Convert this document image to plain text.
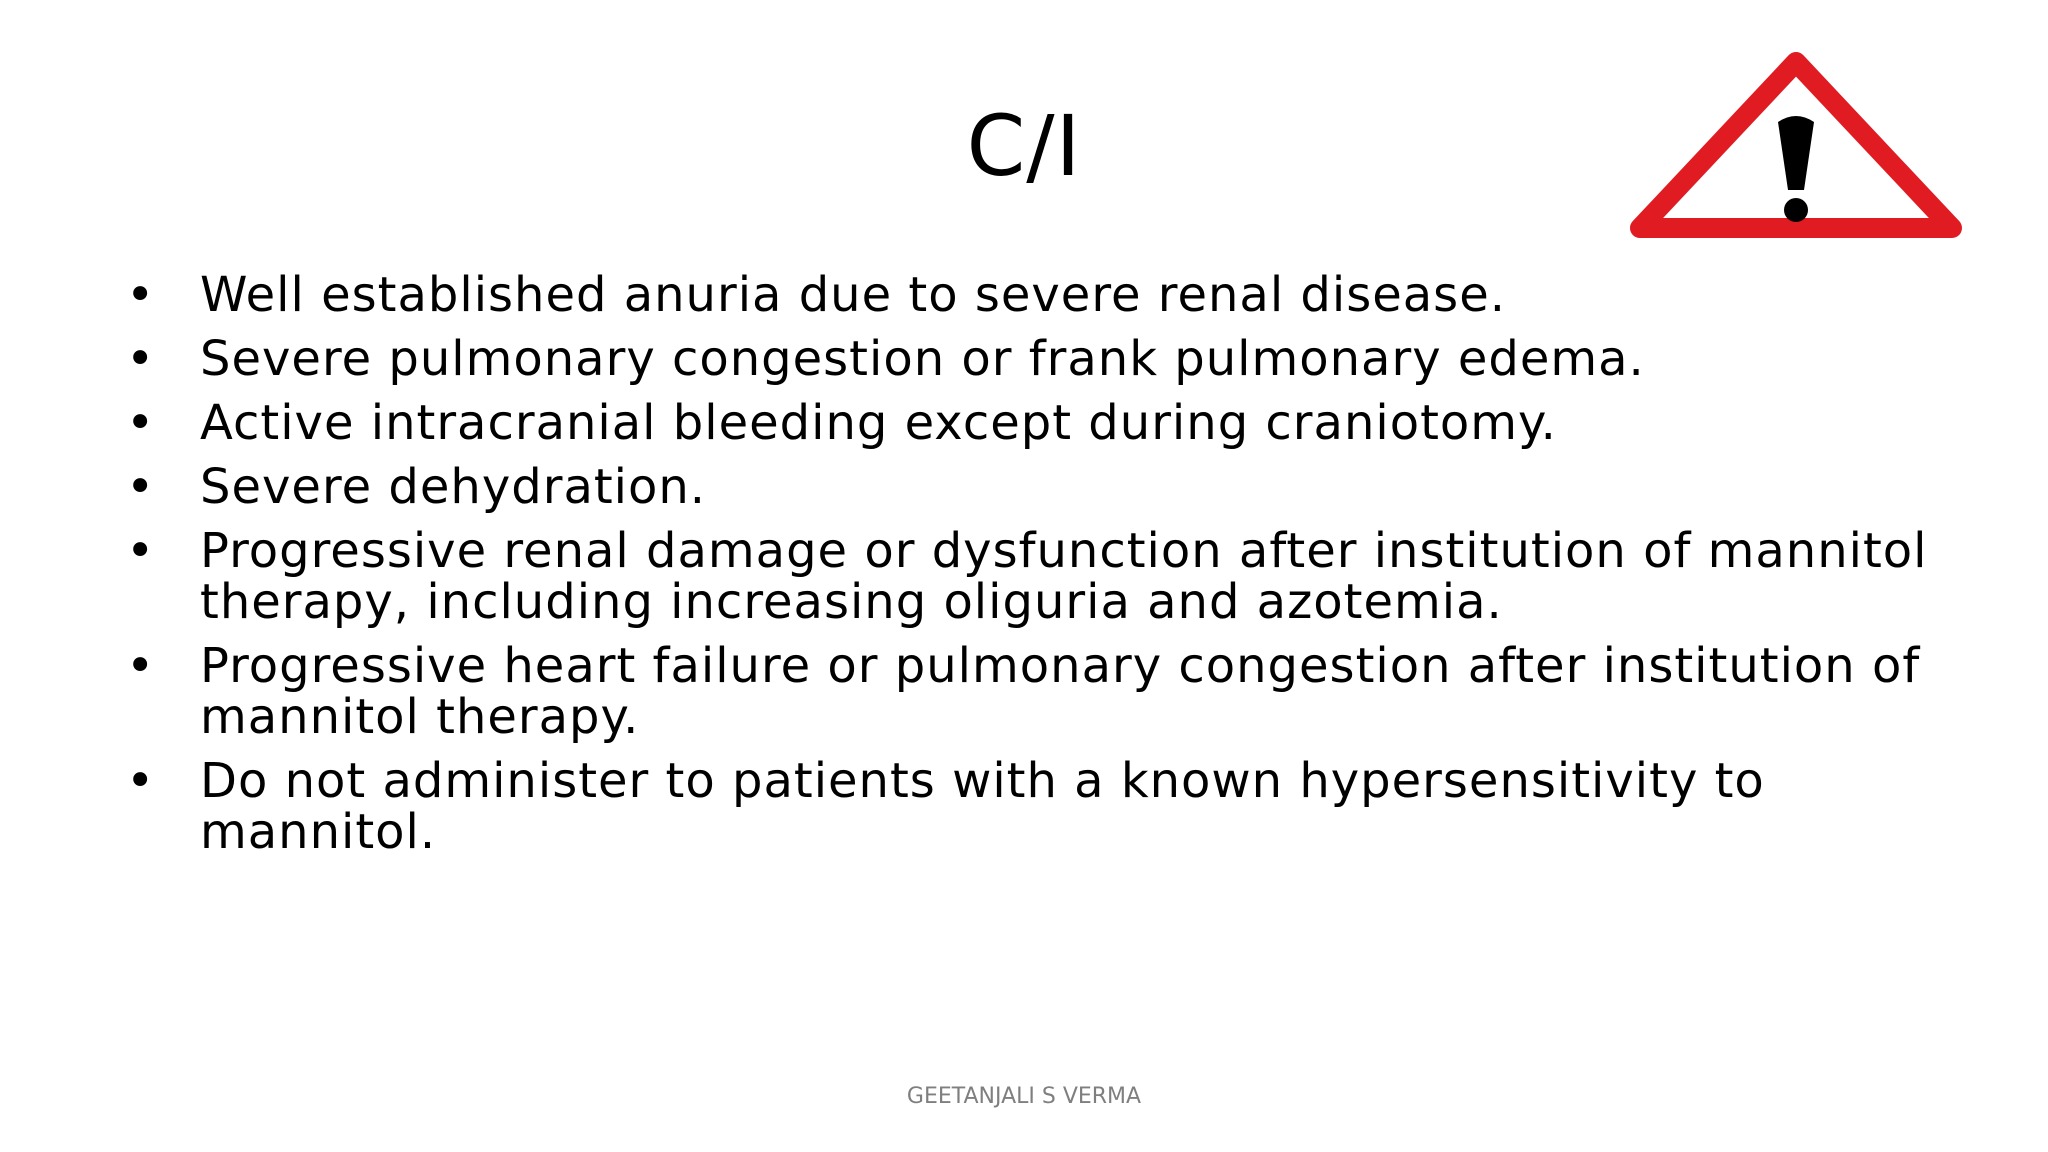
C/I
• Well established anuria due to severe renal disease.
• Severe pulmonary congestion or frank pulmonary edema.
• Active intracranial bleeding except during craniotomy.
• Severe dehydration.
• Progressive renal damage or dysfunction after institution of mannitol therapy, including increasing oliguria and azotemia.
• Progressive heart failure or pulmonary congestion after institution of mannitol therapy.
• Do not administer to patients with a known hypersensitivity to mannitol.
GEETANJALI S VERMA
